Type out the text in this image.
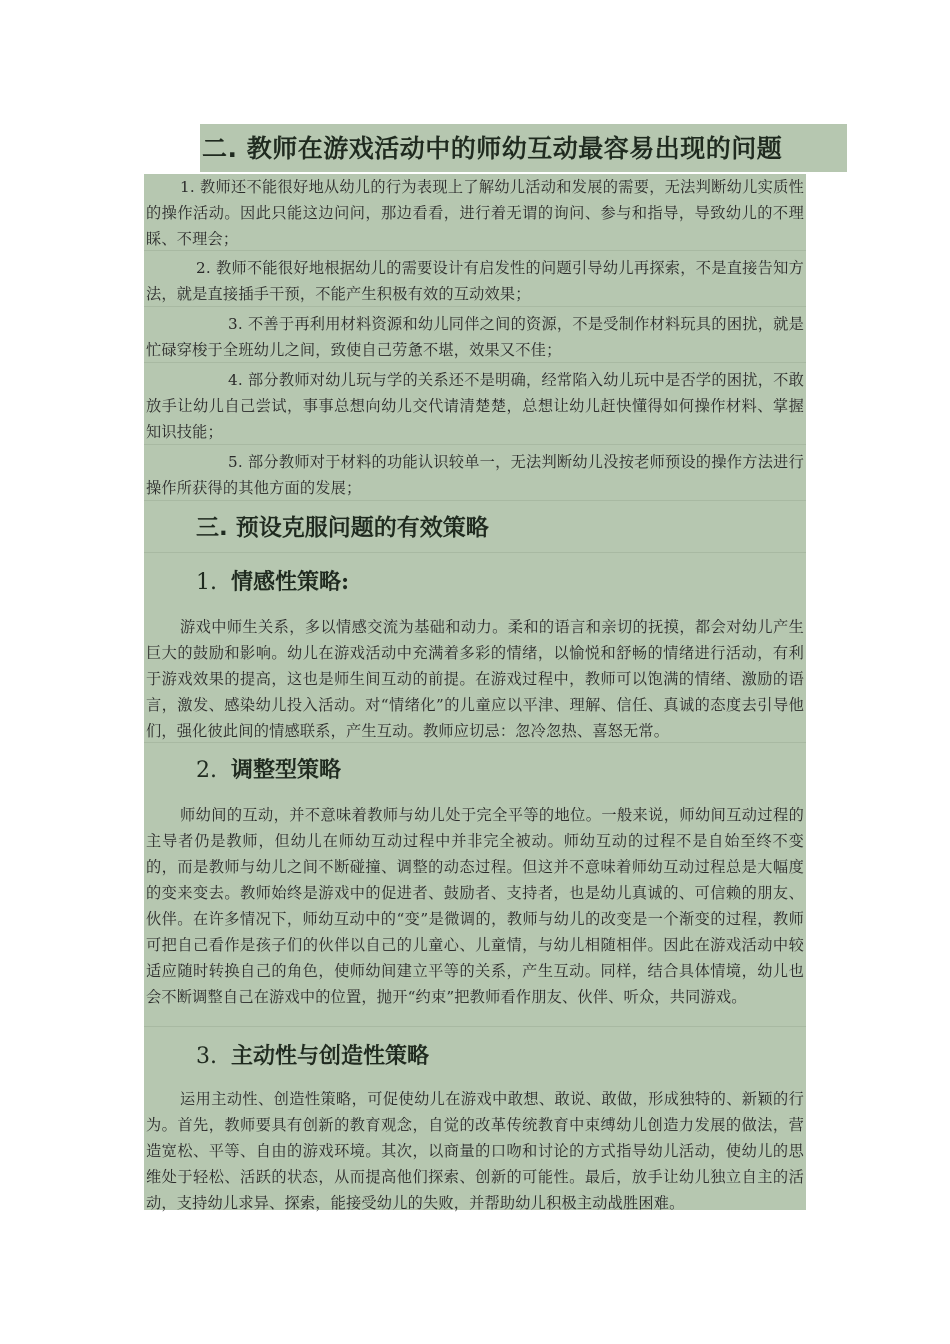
二. 教师在游戏活动中的师幼互动最容易出现的问题

1. 教师还不能很好地从幼儿的行为表现上了解幼儿活动和发展的需要，无法判断幼儿实质性的操作活动。因此只能这边问问，那边看看，进行着无谓的询问、参与和指导，导致幼儿的不理睬、不理会；

2. 教师不能很好地根据幼儿的需要设计有启发性的问题引导幼儿再探索，不是直接告知方法，就是直接插手干预，不能产生积极有效的互动效果；

3. 不善于再利用材料资源和幼儿同伴之间的资源，不是受制作材料玩具的困扰，就是忙碌穿梭于全班幼儿之间，致使自己劳惫不堪，效果又不佳；

4. 部分教师对幼儿玩与学的关系还不是明确，经常陷入幼儿玩中是否学的困扰，不敢放手让幼儿自己尝试，事事总想向幼儿交代请清楚楚，总想让幼儿赶快懂得如何操作材料、掌握知识技能；

5. 部分教师对于材料的功能认识较单一，无法判断幼儿没按老师预设的操作方法进行操作所获得的其他方面的发展；

三. 预设克服问题的有效策略
1. 情感性策略:

游戏中师生关系，多以情感交流为基础和动力。柔和的语言和亲切的抚摸，都会对幼儿产生巨大的鼓励和影响。幼儿在游戏活动中充满着多彩的情绪，以愉悦和舒畅的情绪进行活动，有利于游戏效果的提高，这也是师生间互动的前提。在游戏过程中，教师可以饱满的情绪、激励的语言，激发、感染幼儿投入活动。对“情绪化”的儿童应以平津、理解、信任、真诚的态度去引导他们，强化彼此间的情感联系，产生互动。教师应切忌：忽冷忽热、喜怒无常。

2. 调整型策略

师幼间的互动，并不意味着教师与幼儿处于完全平等的地位。一般来说，师幼间互动过程的主导者仍是教师，但幼儿在师幼互动过程中并非完全被动。师幼互动的过程不是自始至终不变的，而是教师与幼儿之间不断碰撞、调整的动态过程。但这并不意味着师幼互动过程总是大幅度的变来变去。教师始终是游戏中的促进者、鼓励者、支持者，也是幼儿真诚的、可信赖的朋友、伙伴。在许多情况下，师幼互动中的“变”是微调的，教师与幼儿的改变是一个渐变的过程，教师可把自己看作是孩子们的伙伴以自己的儿童心、儿童情，与幼儿相随相伴。因此在游戏活动中较适应随时转换自己的角色，使师幼间建立平等的关系，产生互动。同样，结合具体情境，幼儿也会不断调整自己在游戏中的位置，抛开“约束”把教师看作朋友、伙伴、听众，共同游戏。

3. 主动性与创造性策略

运用主动性、创造性策略，可促使幼儿在游戏中敢想、敢说、敢做，形成独特的、新颖的行为。首先，教师要具有创新的教育观念，自觉的改革传统教育中束缚幼儿创造力发展的做法，营造宽松、平等、自由的游戏环境。其次，以商量的口吻和讨论的方式指导幼儿活动，使幼儿的思维处于轻松、活跃的状态，从而提高他们探索、创新的可能性。最后，放手让幼儿独立自主的活动，支持幼儿求异、探索，能接受幼儿的失败，并帮助幼儿积极主动战胜困难。
